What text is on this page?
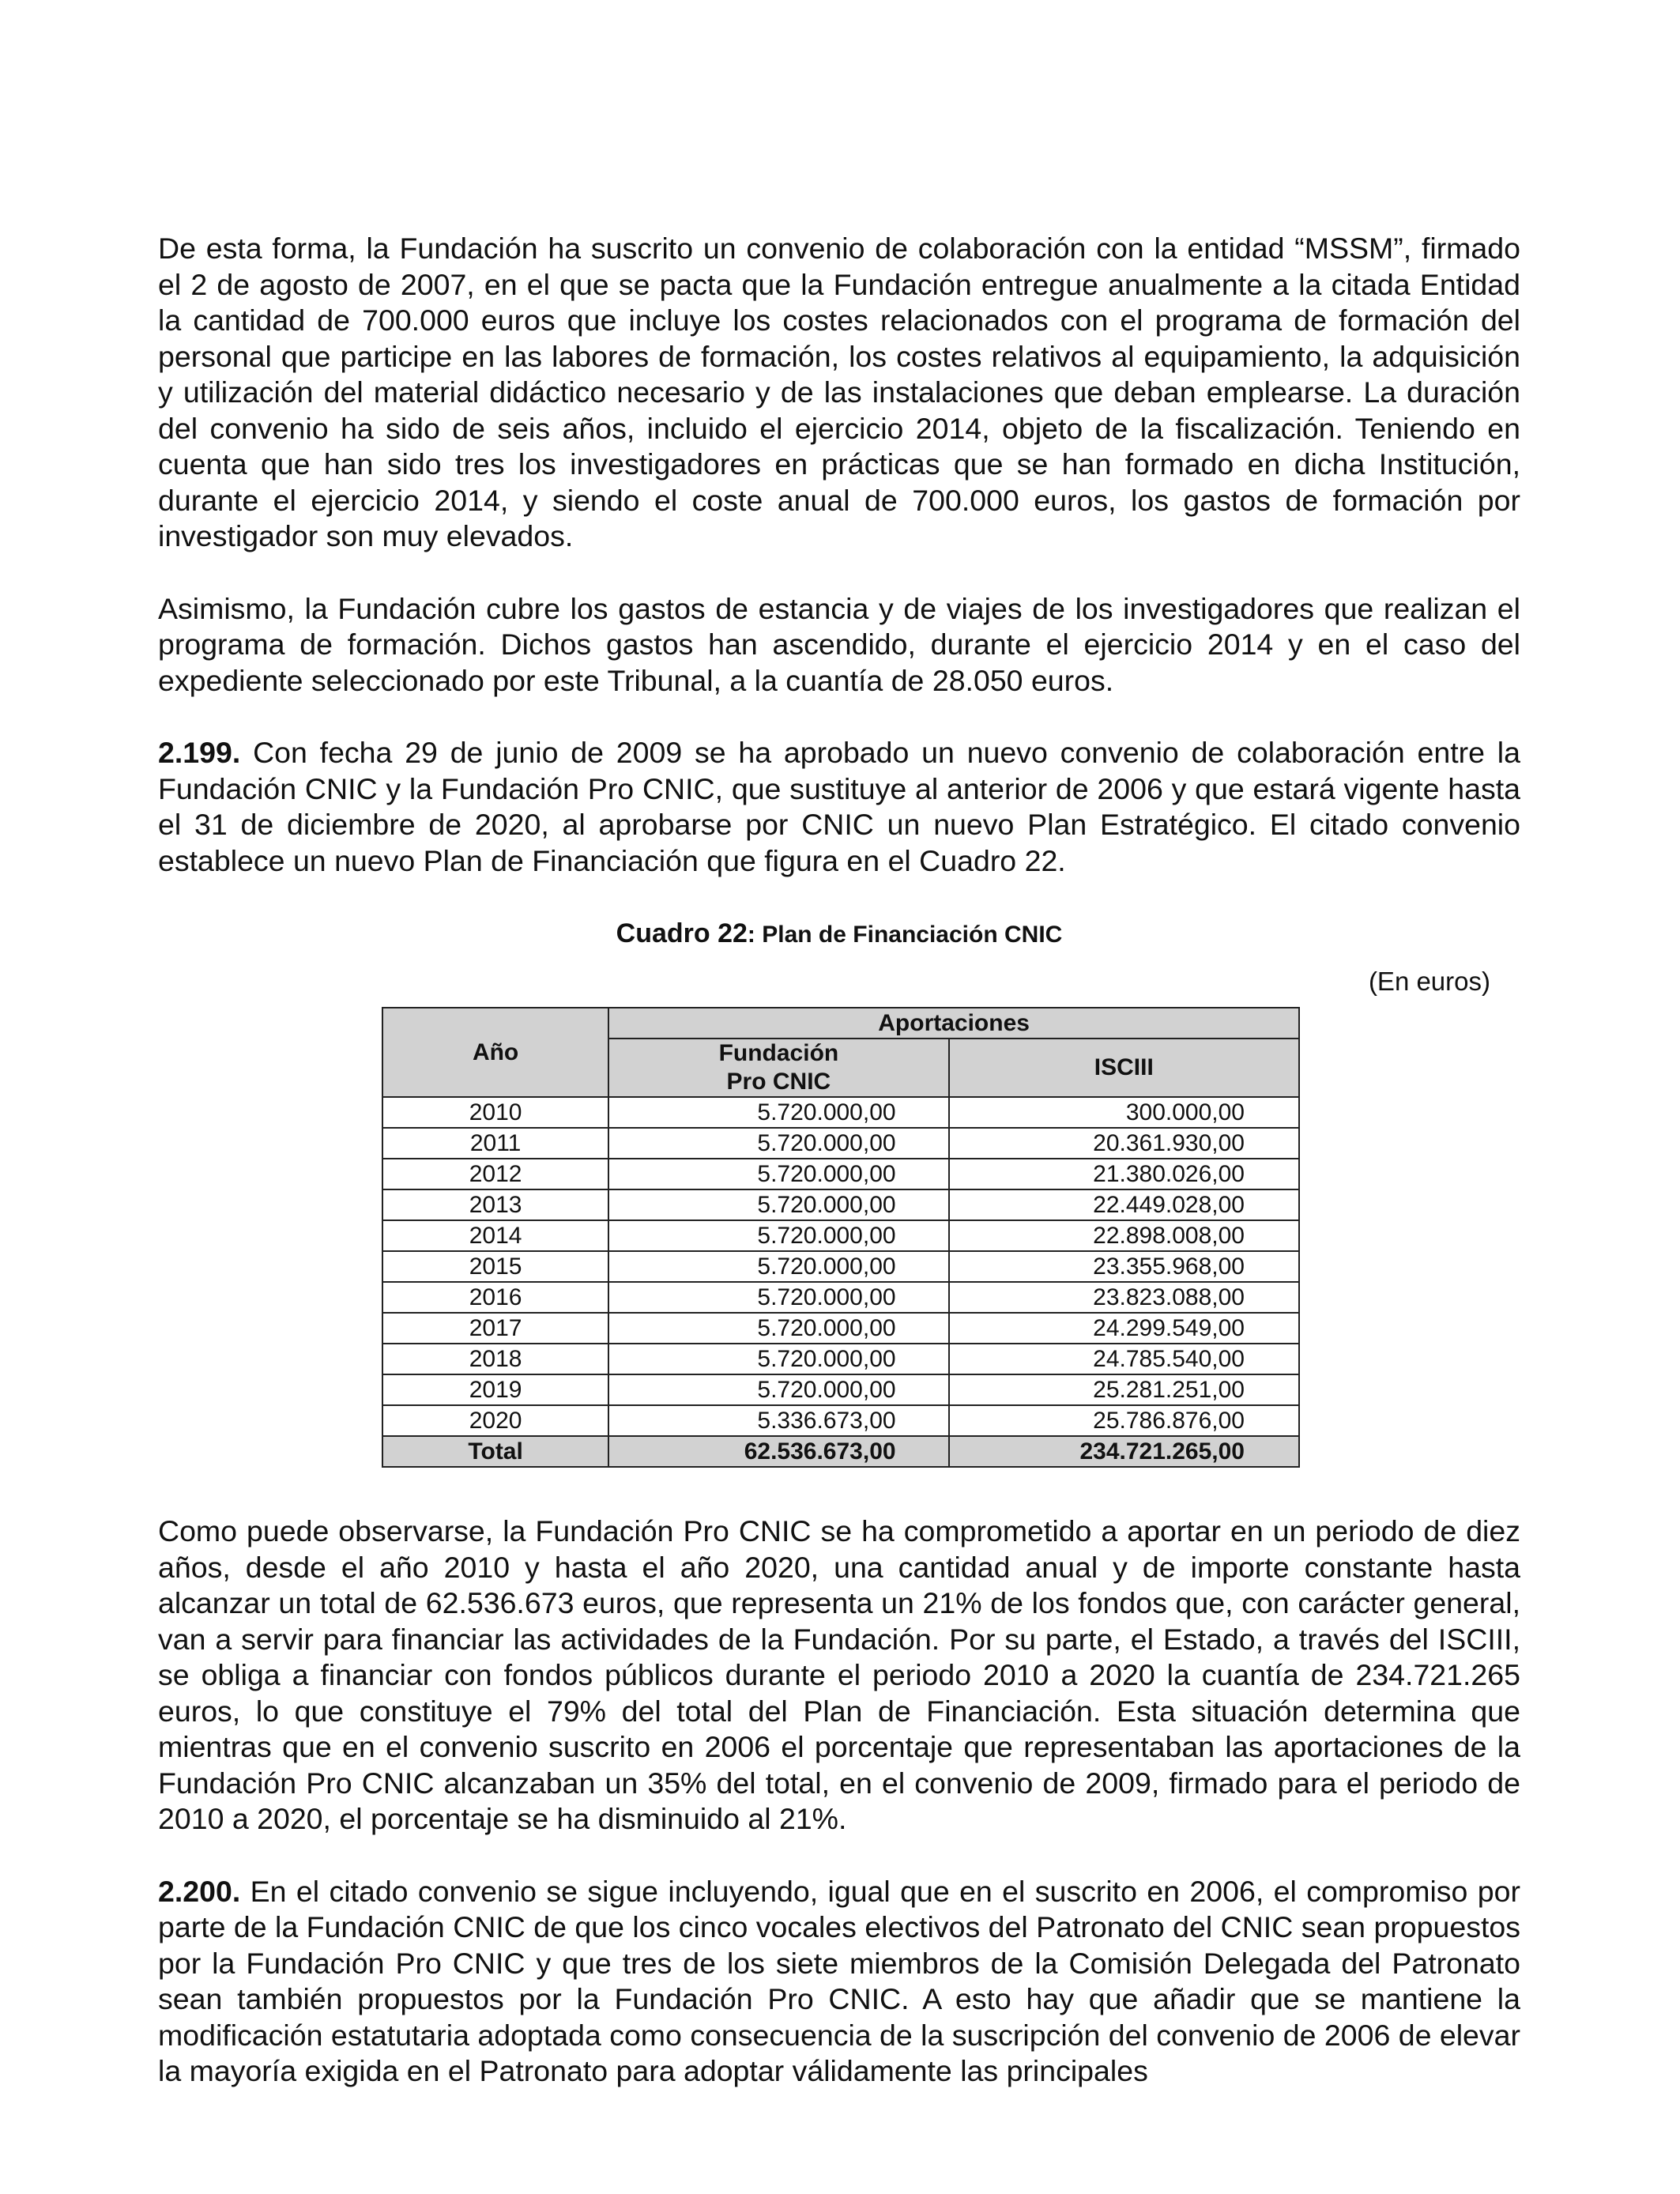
De esta forma, la Fundación ha suscrito un convenio de colaboración con la entidad “MSSM”, firmado el 2 de agosto de 2007, en el que se pacta que la Fundación entregue anualmente a la citada Entidad la cantidad de 700.000 euros que incluye los costes relacionados con el programa de formación del personal que participe en las labores de formación, los costes relativos al equipamiento, la adquisición y utilización del material didáctico necesario y de las instalaciones que deban emplearse. La duración del convenio ha sido de seis años, incluido el ejercicio 2014, objeto de la fiscalización. Teniendo en cuenta que han sido tres los investigadores en prácticas que se han formado en dicha Institución, durante el ejercicio 2014, y siendo el coste anual de 700.000 euros, los gastos de formación por investigador son muy elevados.

Asimismo, la Fundación cubre los gastos de estancia y de viajes de los investigadores que realizan el programa de formación. Dichos gastos han ascendido, durante el ejercicio 2014 y en el caso del expediente seleccionado por este Tribunal, a la cuantía de 28.050 euros.

2.199. Con fecha 29 de junio de 2009 se ha aprobado un nuevo convenio de colaboración entre la Fundación CNIC y la Fundación Pro CNIC, que sustituye al anterior de 2006 y que estará vigente hasta el 31 de diciembre de 2020, al aprobarse por CNIC un nuevo Plan Estratégico. El citado convenio establece un nuevo Plan de Financiación que figura en el Cuadro 22.

Cuadro 22: Plan de Financiación CNIC
(En euros)
Año	Aportaciones	
	Fundación
Pro CNIC	ISCIII
2010	5.720.000,00	300.000,00
2011	5.720.000,00	20.361.930,00
2012	5.720.000,00	21.380.026,00
2013	5.720.000,00	22.449.028,00
2014	5.720.000,00	22.898.008,00
2015	5.720.000,00	23.355.968,00
2016	5.720.000,00	23.823.088,00
2017	5.720.000,00	24.299.549,00
2018	5.720.000,00	24.785.540,00
2019	5.720.000,00	25.281.251,00
2020	5.336.673,00	25.786.876,00
Total	62.536.673,00	234.721.265,00

Como puede observarse, la Fundación Pro CNIC se ha comprometido a aportar en un periodo de diez años, desde el año 2010 y hasta el año 2020, una cantidad anual y de importe constante hasta alcanzar un total de 62.536.673 euros, que representa un 21% de los fondos que, con carácter general, van a servir para financiar las actividades de la Fundación. Por su parte, el Estado, a través del ISCIII, se obliga a financiar con fondos públicos durante el periodo 2010 a 2020 la cuantía de 234.721.265 euros, lo que constituye el 79% del total del Plan de Financiación. Esta situación determina que mientras que en el convenio suscrito en 2006 el porcentaje que representaban las aportaciones de la Fundación Pro CNIC alcanzaban un 35% del total, en el convenio de 2009, firmado para el periodo de 2010 a 2020, el porcentaje se ha disminuido al 21%.

2.200. En el citado convenio se sigue incluyendo, igual que en el suscrito en 2006, el compromiso por parte de la Fundación CNIC de que los cinco vocales electivos del Patronato del CNIC sean propuestos por la Fundación Pro CNIC y que tres de los siete miembros de la Comisión Delegada del Patronato sean también propuestos por la Fundación Pro CNIC. A esto hay que añadir que se mantiene la modificación estatutaria adoptada como consecuencia de la suscripción del convenio de 2006 de elevar la mayoría exigida en el Patronato para adoptar válidamente las principales
